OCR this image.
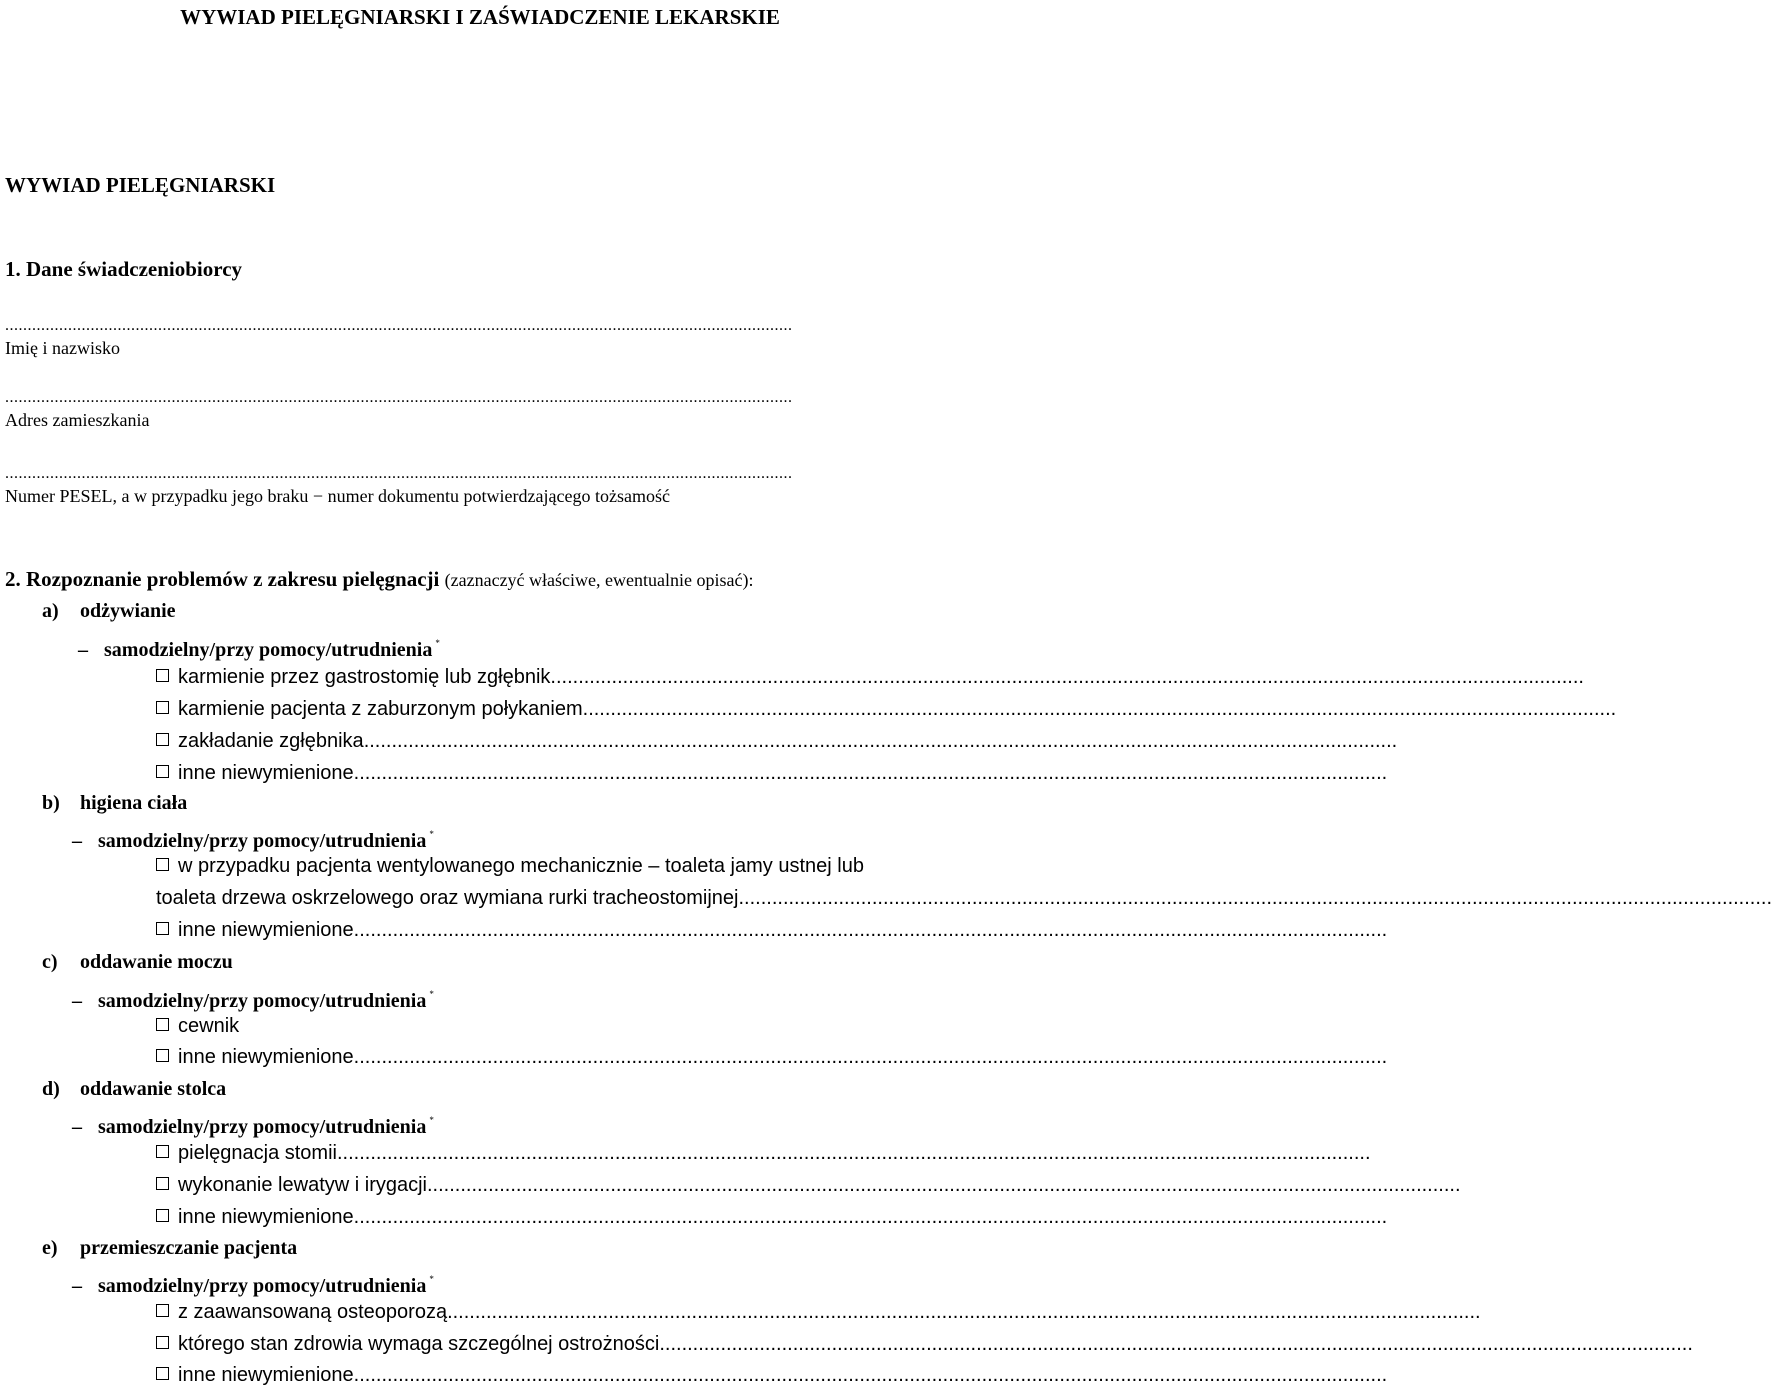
WYWIAD PIELĘGNIARSKI I ZAŚWIADCZENIE LEKARSKIE
WYWIAD PIELĘGNIARSKI
1. Dane świadczeniobiorcy
...............................................................................................................................................................................
Imię i nazwisko
...............................................................................................................................................................................
Adres zamieszkania
...............................................................................................................................................................................
Numer PESEL, a w przypadku jego braku − numer dokumentu potwierdzającego tożsamość
2. Rozpoznanie problemów z zakresu pielęgnacji (zaznaczyć właściwe, ewentualnie opisać):
a) odżywianie
– samodzielny/przy pomocy/utrudnienia *
karmienie przez gastrostomię lub zgłębnik..........................................................................................................................................................................................
karmienie pacjenta z zaburzonym połykaniem..........................................................................................................................................................................................
zakładanie zgłębnika..........................................................................................................................................................................................
inne niewymienione..........................................................................................................................................................................................
b) higiena ciała
– samodzielny/przy pomocy/utrudnienia *
w przypadku pacjenta wentylowanego mechanicznie – toaleta jamy ustnej lub
toaleta drzewa oskrzelowego oraz wymiana rurki tracheostomijnej..........................................................................................................................................................................................
inne niewymienione..........................................................................................................................................................................................
c) oddawanie moczu
– samodzielny/przy pomocy/utrudnienia *
cewnik
inne niewymienione..........................................................................................................................................................................................
d) oddawanie stolca
– samodzielny/przy pomocy/utrudnienia *
pielęgnacja stomii..........................................................................................................................................................................................
wykonanie lewatyw i irygacji..........................................................................................................................................................................................
inne niewymienione..........................................................................................................................................................................................
e) przemieszczanie pacjenta
– samodzielny/przy pomocy/utrudnienia *
z zaawansowaną osteoporozą..........................................................................................................................................................................................
którego stan zdrowia wymaga szczególnej ostrożności..........................................................................................................................................................................................
inne niewymienione..........................................................................................................................................................................................
